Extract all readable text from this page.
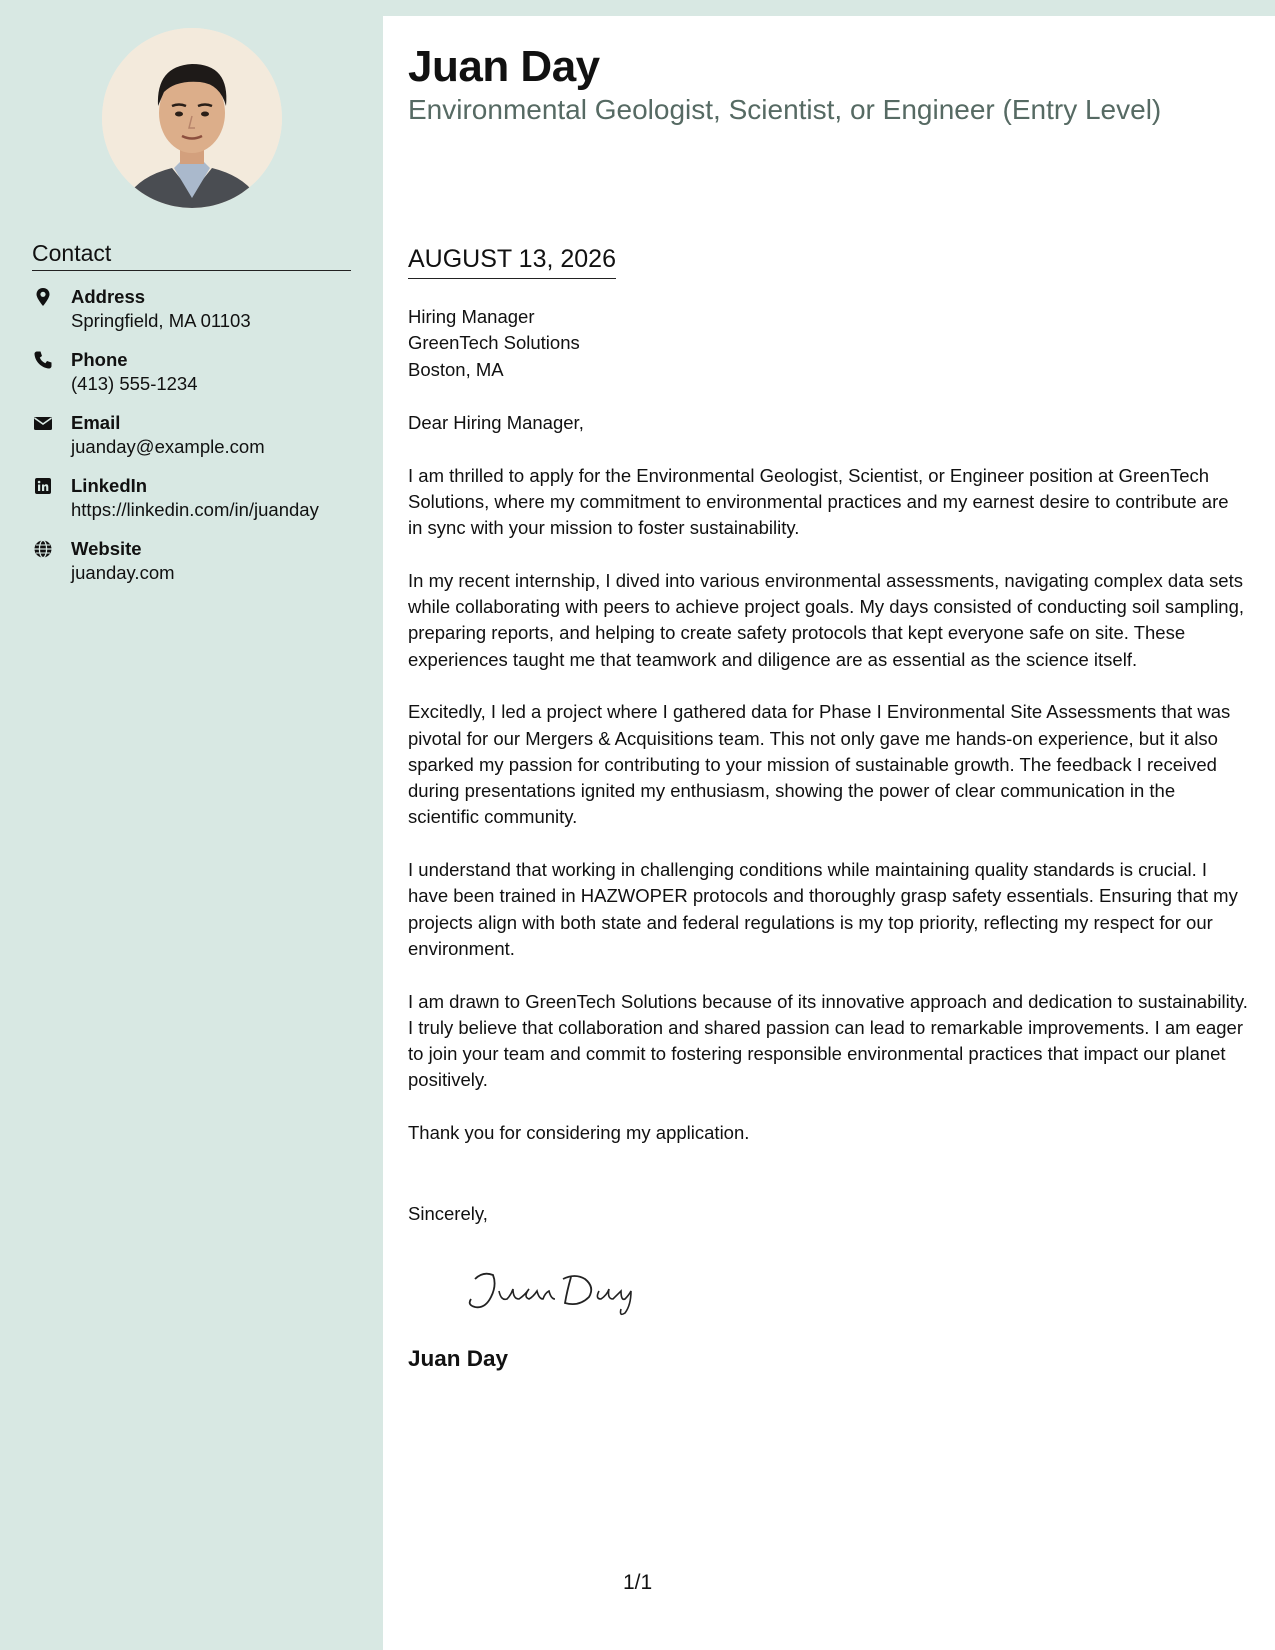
Contact
Address
Springfield, MA 01103
Phone
(413) 555-1234
Email
juanday@example.com
LinkedIn
https://linkedin.com/in/juanday
Website
juanday.com
Juan Day
Environmental Geologist, Scientist, or Engineer (Entry Level)
AUGUST 13, 2026
Hiring Manager
GreenTech Solutions
Boston, MA

Dear Hiring Manager,

I am thrilled to apply for the Environmental Geologist, Scientist, or Engineer position at GreenTech Solutions, where my commitment to environmental practices and my earnest desire to contribute are in sync with your mission to foster sustainability.

In my recent internship, I dived into various environmental assessments, navigating complex data sets while collaborating with peers to achieve project goals. My days consisted of conducting soil sampling, preparing reports, and helping to create safety protocols that kept everyone safe on site. These experiences taught me that teamwork and diligence are as essential as the science itself.

Excitedly, I led a project where I gathered data for Phase I Environmental Site Assessments that was pivotal for our Mergers & Acquisitions team. This not only gave me hands-on experience, but it also sparked my passion for contributing to your mission of sustainable growth. The feedback I received during presentations ignited my enthusiasm, showing the power of clear communication in the scientific community.

I understand that working in challenging conditions while maintaining quality standards is crucial. I have been trained in HAZWOPER protocols and thoroughly grasp safety essentials. Ensuring that my projects align with both state and federal regulations is my top priority, reflecting my respect for our environment.

I am drawn to GreenTech Solutions because of its innovative approach and dedication to sustainability. I truly believe that collaboration and shared passion can lead to remarkable improvements. I am eager to join your team and commit to fostering responsible environmental practices that impact our planet positively.

Thank you for considering my application.

Sincerely,
Juan Day
1/1
